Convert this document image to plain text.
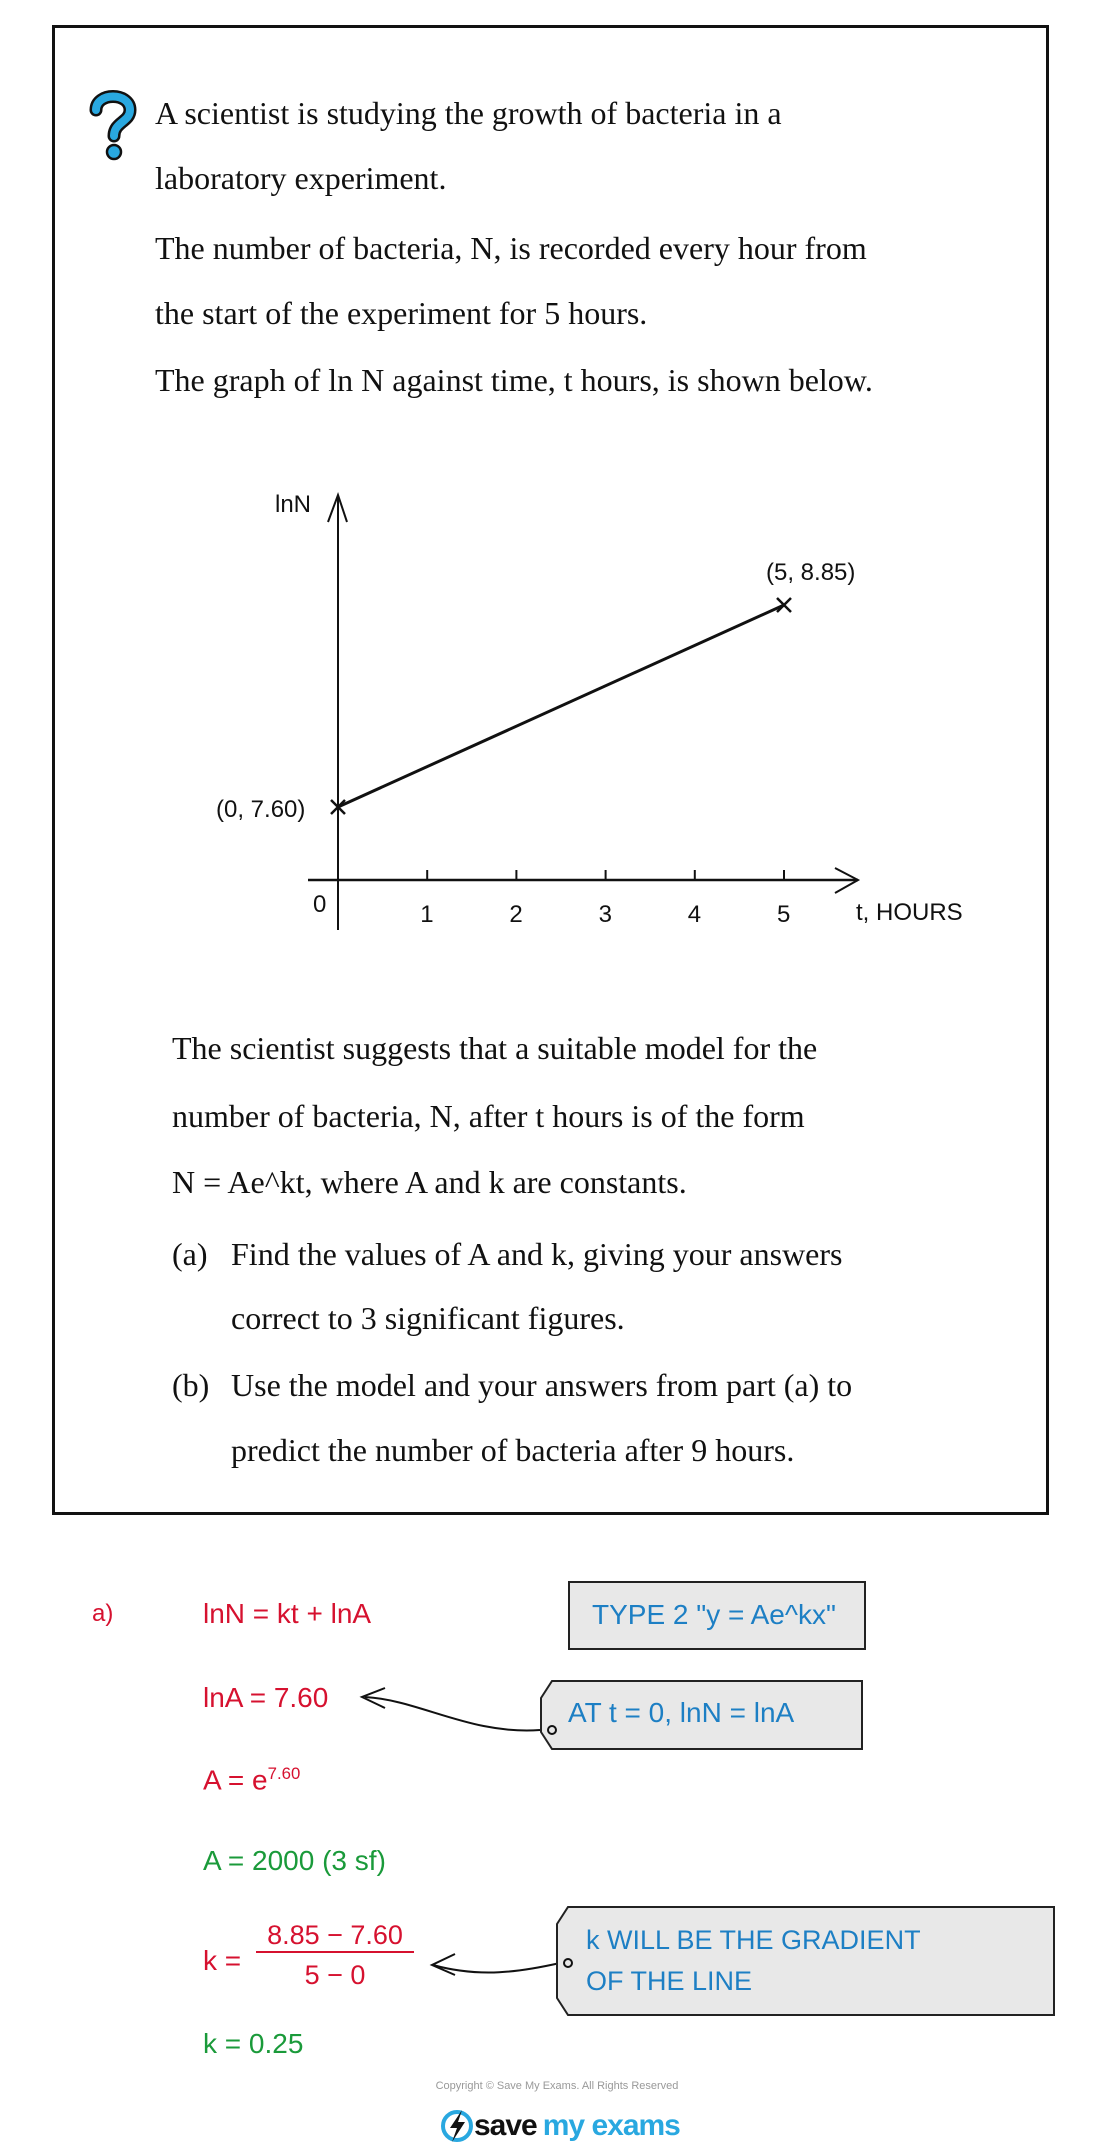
A scientist is studying the growth of bacteria in a
laboratory experiment.
The number of bacteria, N, is recorded every hour from
the start of the experiment for 5 hours.
The graph of ln N against time, t hours, is shown below.
lnN
t, HOURS
0	1	2	3	4	5
(0, 7.60)
(5, 8.85)
The scientist suggests that a suitable model for the
number of bacteria, N, after t hours is of the form
N = Ae^kt, where A and k are constants.
(a) Find the values of A and k, giving your answers
correct to 3 significant figures.
(b) Use the model and your answers from part (a) to
predict the number of bacteria after 9 hours.
a)	lnN = kt + lnA
lnA = 7.60
$A = e^{7.60}$
A = 2000 (3 sf)
k =
8.85 − 7.60
5 − 0
k = 0.25
TYPE 2 "y = Ae^kx"
AT t = 0, lnN = lnA
k WILL BE THE GRADIENT
OF THE LINE
Copyright © Save My Exams. All Rights Reserved
save my exams
